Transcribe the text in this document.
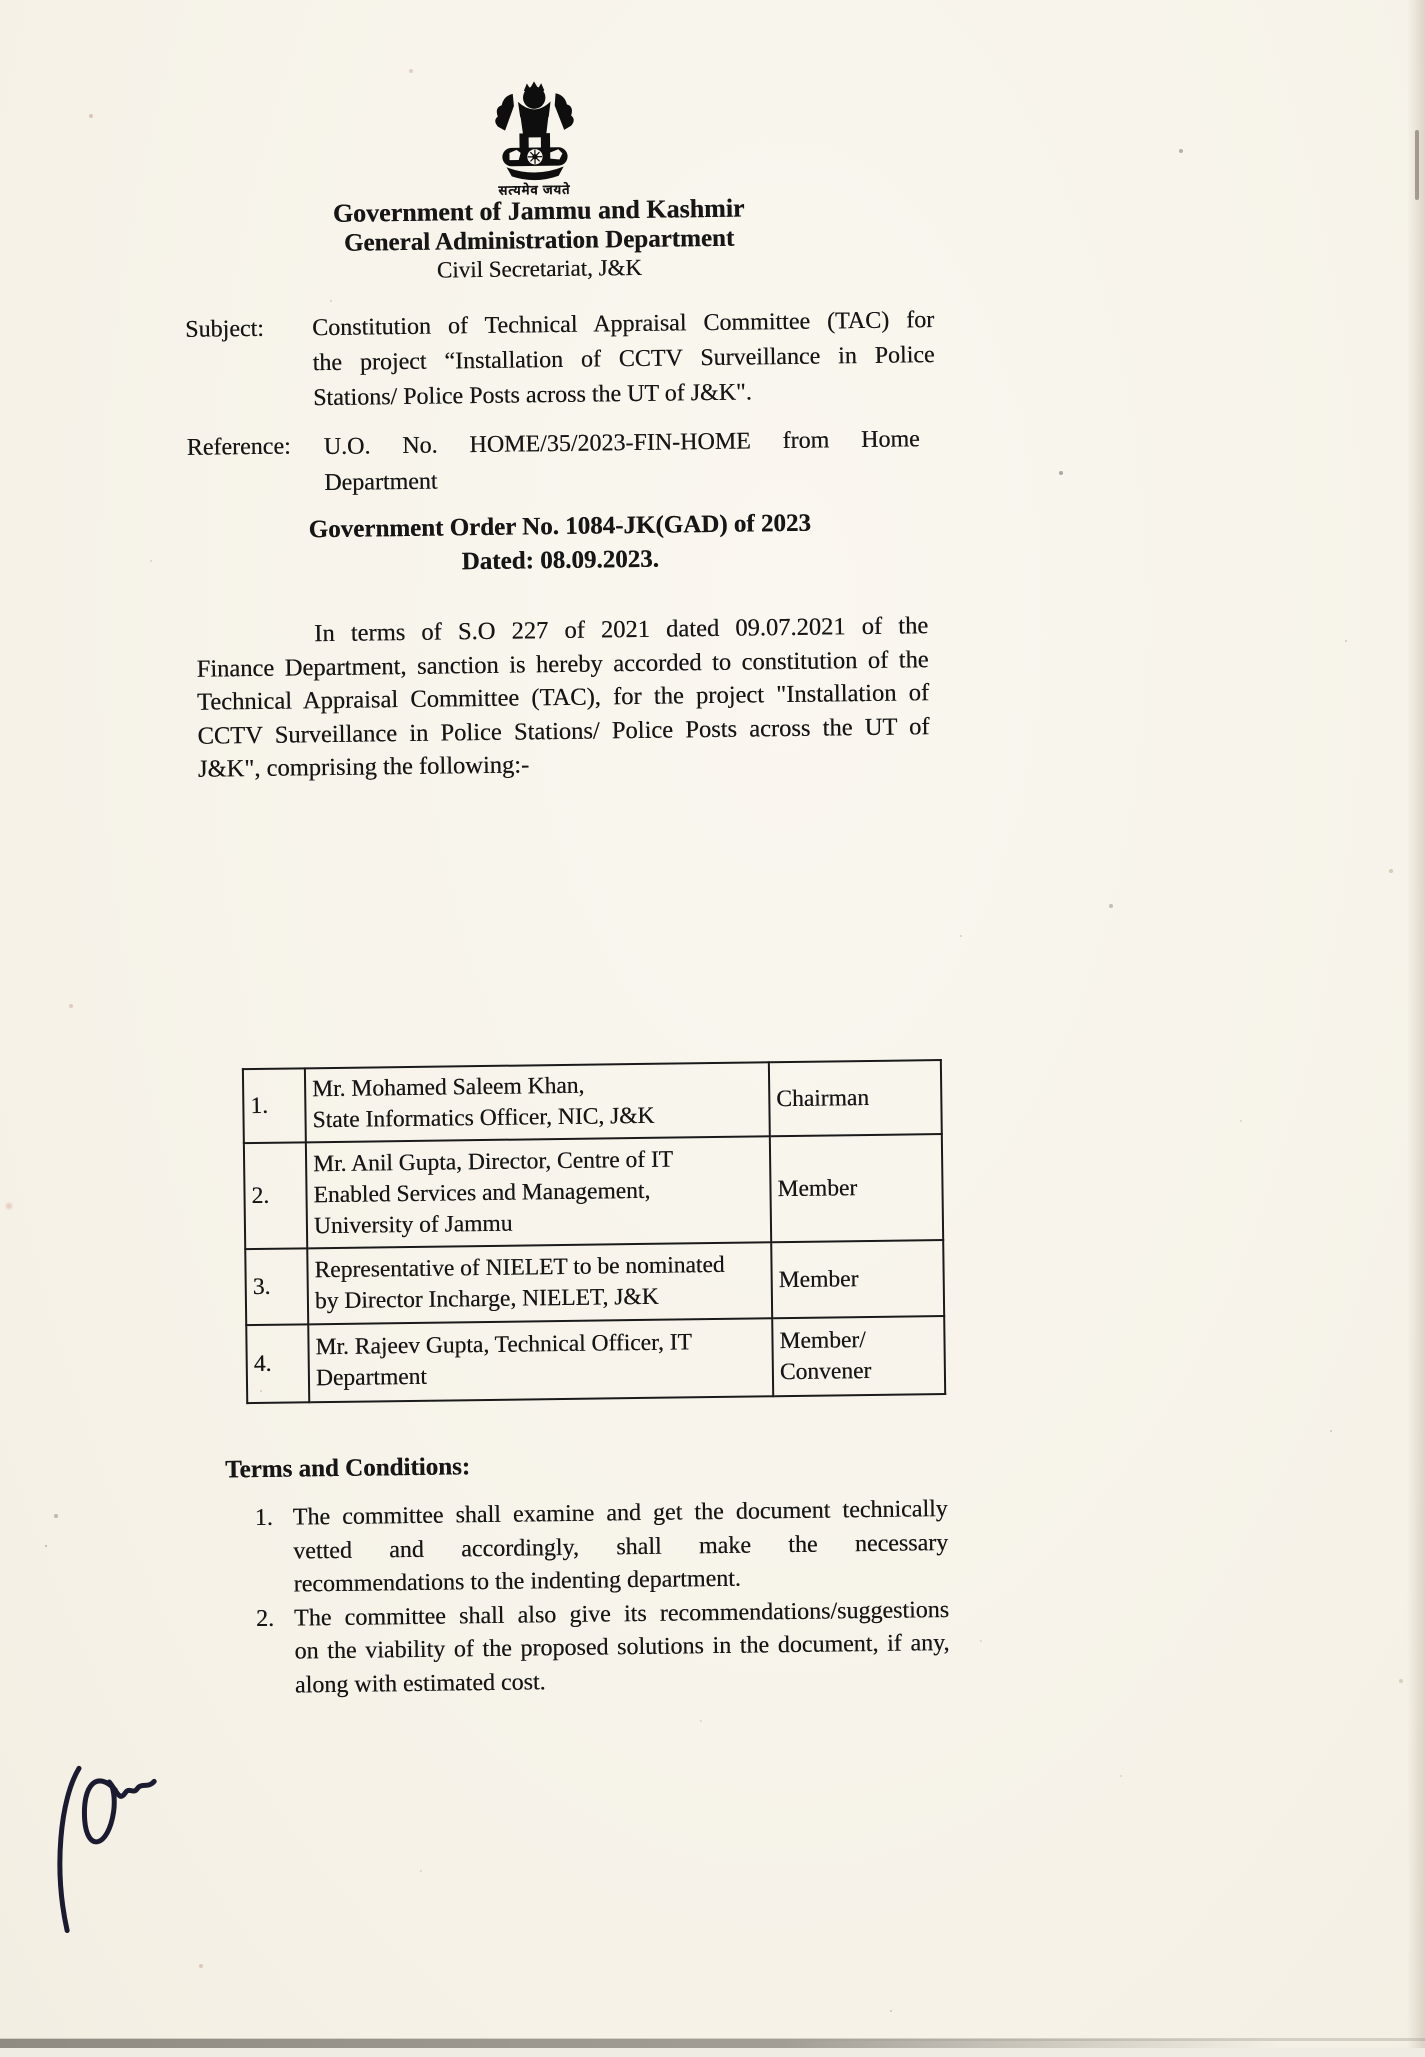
सत्यमेव जयते
Government of Jammu and Kashmir
General Administration Department
Civil Secretariat, J&K
Subject: Constitution of Technical Appraisal Committee (TAC) for
the project “Installation of CCTV Surveillance in Police
Stations/ Police Posts across the UT of J&K".
Reference: U.O. No. HOME/35/2023-FIN-HOME from Home
Department
Government Order No. 1084-JK(GAD) of 2023
Dated: 08.09.2023.
In terms of S.O 227 of 2021 dated 09.07.2021 of the
Finance Department, sanction is hereby accorded to constitution of the
Technical Appraisal Committee (TAC), for the project "Installation of
CCTV Surveillance in Police Stations/ Police Posts across the UT of
J&K", comprising the following:-
1.	Mr. Mohamed Saleem Khan,
State Informatics Officer, NIC, J&K	Chairman
2.	Mr. Anil Gupta, Director, Centre of IT
Enabled Services and Management,
University of Jammu	Member
3.	Representative of NIELET to be nominated
by Director Incharge, NIELET, J&K	Member
4.	Mr. Rajeev Gupta, Technical Officer, IT
Department	Member/
Convener
Terms and Conditions:
1. The committee shall examine and get the document technically
vetted and accordingly, shall make the necessary
recommendations to the indenting department.
2. The committee shall also give its recommendations/suggestions
on the viability of the proposed solutions in the document, if any,
along with estimated cost.
